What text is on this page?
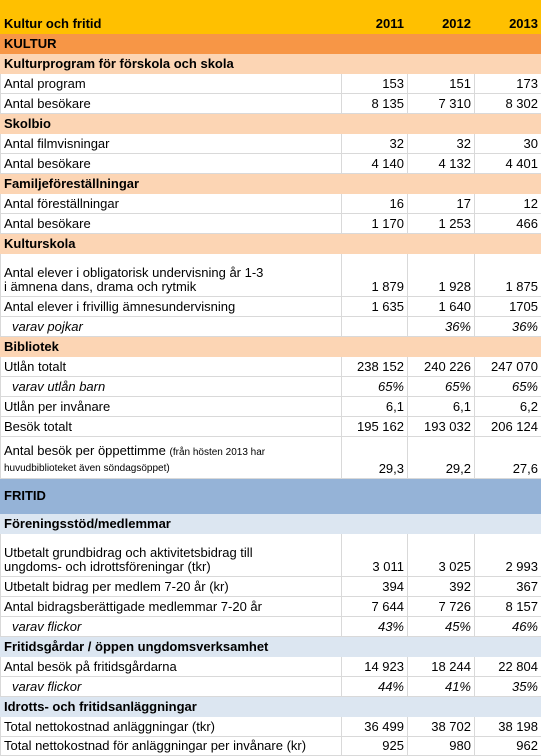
Kultur och fritid	2011	2012	2013
KULTUR			
Kulturprogram för förskola och skola			
Antal program	153	151	173
Antal besökare	8 135	7 310	8 302
Skolbio			
Antal filmvisningar	32	32	30
Antal besökare	4 140	4 132	4 401
Familjeföreställningar			
Antal föreställningar	16	17	12
Antal besökare	1 170	1 253	466
Kulturskola			
Antal elever i obligatorisk undervisning år 1-3
i ämnena dans, drama och rytmik	1 879	1 928	1 875
Antal elever i frivillig ämnesundervisning	1 635	1 640	1705
varav pojkar		36%	36%
Bibliotek			
Utlån totalt	238 152	240 226	247 070
varav utlån barn	65%	65%	65%
Utlån per invånare	6,1	6,1	6,2
Besök totalt	195 162	193 032	206 124
Antal besök per öppettimme (från hösten 2013 har
huvudbiblioteket även söndagsöppet)	29,3	29,2	27,6
FRITID			
Föreningsstöd/medlemmar			
Utbetalt grundbidrag och aktivitetsbidrag till
ungdoms- och idrottsföreningar (tkr)	3 011	3 025	2 993
Utbetalt bidrag per medlem 7-20 år (kr)	394	392	367
Antal bidragsberättigade medlemmar 7-20 år	7 644	7 726	8 157
varav flickor	43%	45%	46%
Fritidsgårdar / öppen ungdomsverksamhet			
Antal besök på fritidsgårdarna	14 923	18 244	22 804
varav flickor	44%	41%	35%
Idrotts- och fritidsanläggningar			
Total nettokostnad anläggningar (tkr)	36 499	38 702	38 198
Total nettokostnad för anläggningar per invånare (kr)	925	980	962
